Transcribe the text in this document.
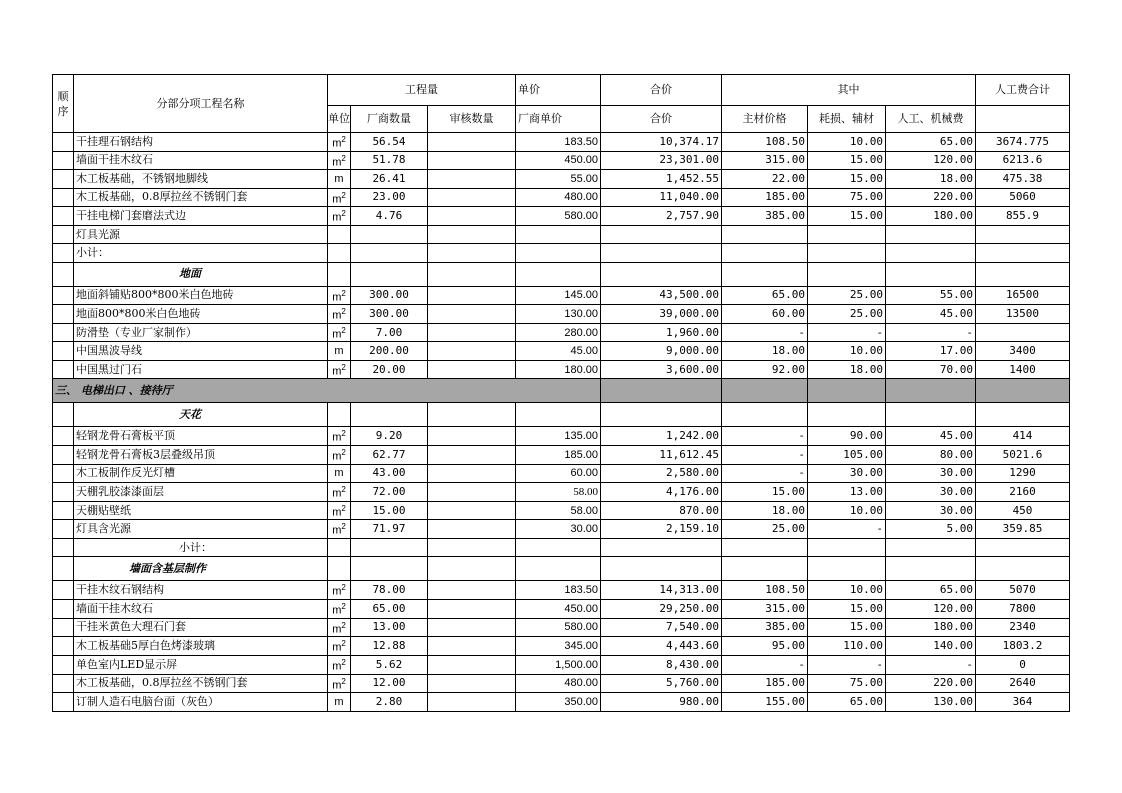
顺序	分部分项工程名称	工程量			单价	合价	其中			人工费合计
		单位	厂商数量	审核数量	厂商单价	合价	主材价格	耗损、辅材	人工、机械费	
	干挂理石钢结构	$m^2$	56.54		183.50	10,374.17	108.50	10.00	65.00	3674.775
	墙面干挂木纹石	$m^2$	51.78		450.00	23,301.00	315.00	15.00	120.00	6213.6
	木工板基础，不锈钢地脚线	m	26.41		55.00	1,452.55	22.00	15.00	18.00	475.38
	木工板基础，0.8厚拉丝不锈钢门套	$m^2$	23.00		480.00	11,040.00	185.00	75.00	220.00	5060
	干挂电梯门套磨法式边	$m^2$	4.76		580.00	2,757.90	385.00	15.00	180.00	855.9
	灯具光源									
	小计：									
	地面									
	地面斜铺贴800*800米白色地砖	$m^2$	300.00		145.00	43,500.00	65.00	25.00	55.00	16500
	地面800*800米白色地砖	$m^2$	300.00		130.00	39,000.00	60.00	25.00	45.00	13500
	防滑垫（专业厂家制作）	$m^2$	7.00		280.00	1,960.00	-	-	-	
	中国黑波导线	m	200.00		45.00	9,000.00	18.00	10.00	17.00	3400
	中国黑过门石	$m^2$	20.00		180.00	3,600.00	92.00	18.00	70.00	1400
三、 电梯出口 、接待厅										
	天花									
	轻钢龙骨石膏板平顶	$m^2$	9.20		135.00	1,242.00	-	90.00	45.00	414
	轻钢龙骨石膏板3层叠级吊顶	$m^2$	62.77		185.00	11,612.45	-	105.00	80.00	5021.6
	木工板制作反光灯槽	m	43.00		60.00	2,580.00	-	30.00	30.00	1290
	天棚乳胶漆漆面层	$m^2$	72.00		58.00	4,176.00	15.00	13.00	30.00	2160
	天棚贴壁纸	$m^2$	15.00		58.00	870.00	18.00	10.00	30.00	450
	灯具含光源	$m^2$	71.97		30.00	2,159.10	25.00	-	5.00	359.85
	小计：									
	墙面含基层制作									
	干挂木纹石钢结构	$m^2$	78.00		183.50	14,313.00	108.50	10.00	65.00	5070
	墙面干挂木纹石	$m^2$	65.00		450.00	29,250.00	315.00	15.00	120.00	7800
	干挂米黄色大理石门套	$m^2$	13.00		580.00	7,540.00	385.00	15.00	180.00	2340
	木工板基础5厚白色烤漆玻璃	$m^2$	12.88		345.00	4,443.60	95.00	110.00	140.00	1803.2
	单色室内LED显示屏	$m^2$	5.62		1,500.00	8,430.00	-	-	-	0
	木工板基础，0.8厚拉丝不锈钢门套	$m^2$	12.00		480.00	5,760.00	185.00	75.00	220.00	2640
	订制人造石电脑台面（灰色）	m	2.80		350.00	980.00	155.00	65.00	130.00	364
